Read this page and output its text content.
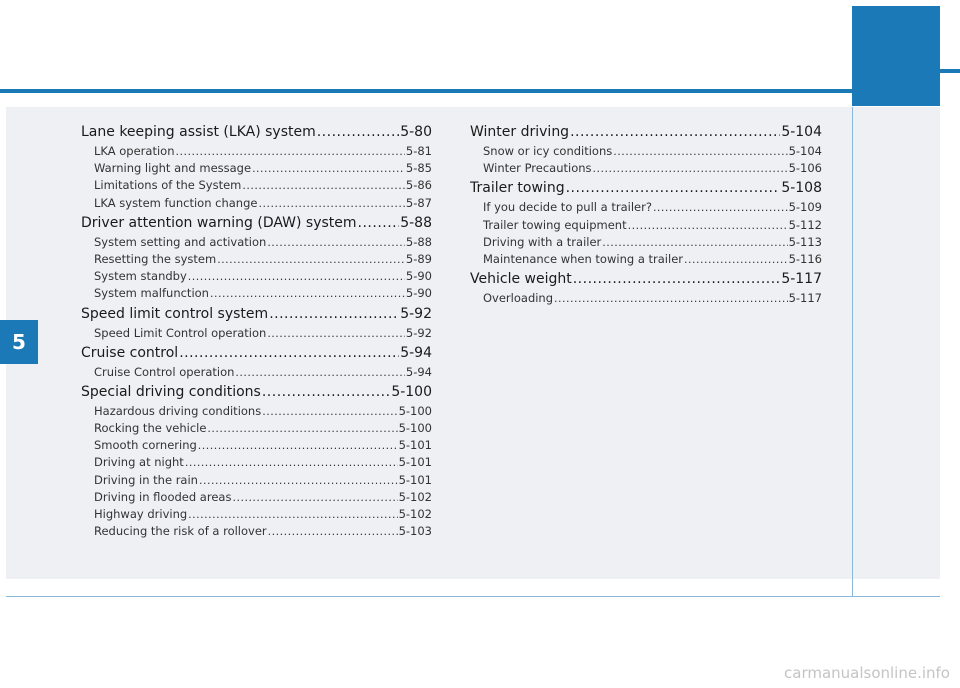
5
Lane keeping assist (LKA) system .....	5-80
LKA operation .....	5-81
Warning light and message .....	5-85
Limitations of the System .....	5-86
LKA system function change .....	5-87
Driver attention warning (DAW) system .....	5-88
System setting and activation .....	5-88
Resetting the system .....	5-89
System standby .....	5-90
System malfunction .....	5-90
Speed limit control system .....	5-92
Speed Limit Control operation .....	5-92
Cruise control .....	5-94
Cruise Control operation .....	5-94
Special driving conditions .....	5-100
Hazardous driving conditions .....	5-100
Rocking the vehicle .....	5-100
Smooth cornering .....	5-101
Driving at night .....	5-101
Driving in the rain .....	5-101
Driving in flooded areas .....	5-102
Highway driving .....	5-102
Reducing the risk of a rollover .....	5-103
Winter driving .....	5-104
Snow or icy conditions .....	5-104
Winter Precautions .....	5-106
Trailer towing .....	5-108
If you decide to pull a trailer? .....	5-109
Trailer towing equipment .....	5-112
Driving with a trailer .....	5-113
Maintenance when towing a trailer .....	5-116
Vehicle weight .....	5-117
Overloading .....	5-117
carmanualsonline.info
